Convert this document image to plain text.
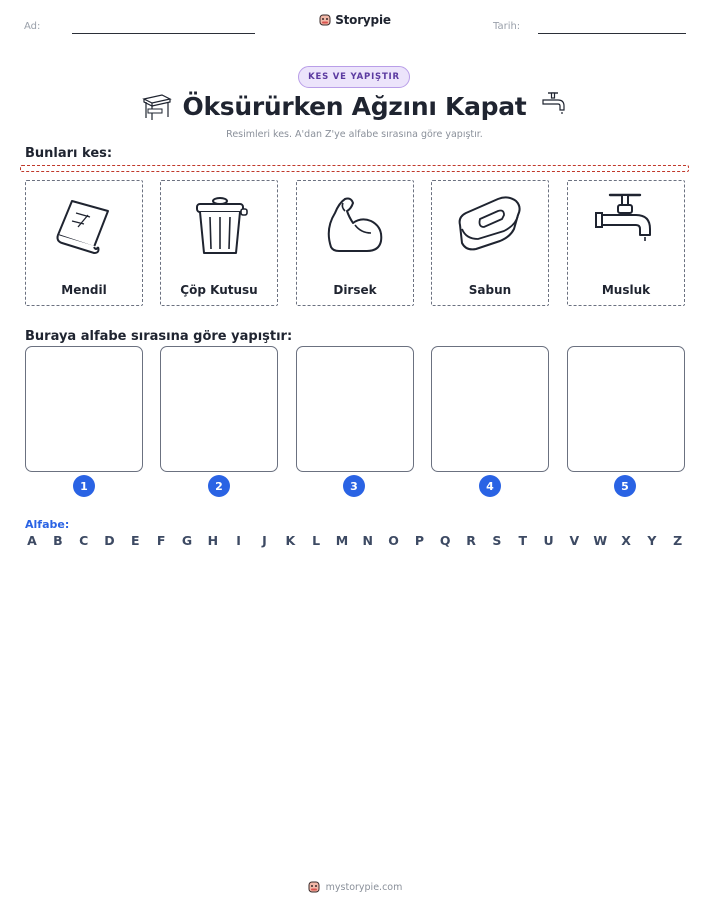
Ad:	Storypie	Tarih:
KES VE YAPIŞTIR
Öksürürken Ağzını Kapat
Resimleri kes. A'dan Z'ye alfabe sırasına göre yapıştır.
Bunları kes:
Mendil	Çöp Kutusu	Dirsek	Sabun	Musluk
Buraya alfabe sırasına göre yapıştır:
1	2	3	4	5
Alfabe:
A B C D E F G H	I	J	K L M N O P Q R S T U V W X Y Z
mystorypie.com
